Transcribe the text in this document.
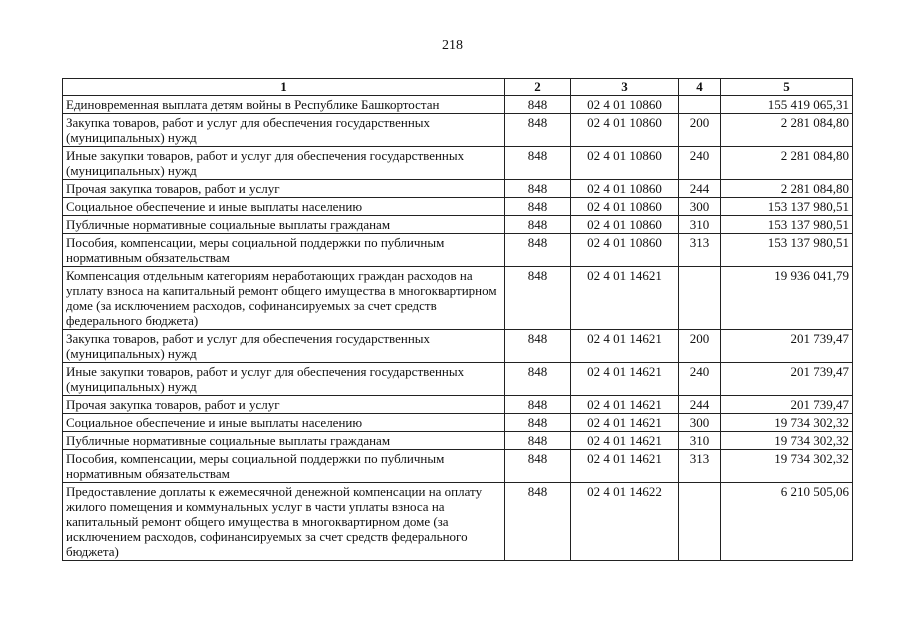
218
1	2	3	4	5
Единовременная выплата детям войны в Республике Башкортостан	848	02 4 01 10860		155 419 065,31
Закупка товаров, работ и услуг для обеспечения государственных (муниципальных) нужд	848	02 4 01 10860	200	2 281 084,80
Иные закупки товаров, работ и услуг для обеспечения государственных (муниципальных) нужд	848	02 4 01 10860	240	2 281 084,80
Прочая закупка товаров, работ и услуг	848	02 4 01 10860	244	2 281 084,80
Социальное обеспечение и иные выплаты населению	848	02 4 01 10860	300	153 137 980,51
Публичные нормативные социальные выплаты гражданам	848	02 4 01 10860	310	153 137 980,51
Пособия, компенсации, меры социальной поддержки по публичным нормативным обязательствам	848	02 4 01 10860	313	153 137 980,51
Компенсация отдельным категориям неработающих граждан расходов на уплату взноса на капитальный ремонт общего имущества в многоквартирном доме (за исключением расходов, софинансируемых за счет средств федерального бюджета)	848	02 4 01 14621		19 936 041,79
Закупка товаров, работ и услуг для обеспечения государственных (муниципальных) нужд	848	02 4 01 14621	200	201 739,47
Иные закупки товаров, работ и услуг для обеспечения государственных (муниципальных) нужд	848	02 4 01 14621	240	201 739,47
Прочая закупка товаров, работ и услуг	848	02 4 01 14621	244	201 739,47
Социальное обеспечение и иные выплаты населению	848	02 4 01 14621	300	19 734 302,32
Публичные нормативные социальные выплаты гражданам	848	02 4 01 14621	310	19 734 302,32
Пособия, компенсации, меры социальной поддержки по публичным нормативным обязательствам	848	02 4 01 14621	313	19 734 302,32
Предоставление доплаты к ежемесячной денежной компенсации на оплату жилого помещения и коммунальных услуг в части уплаты взноса на капитальный ремонт общего имущества в многоквартирном доме (за исключением расходов, софинансируемых за счет средств федерального бюджета)	848	02 4 01 14622		6 210 505,06
